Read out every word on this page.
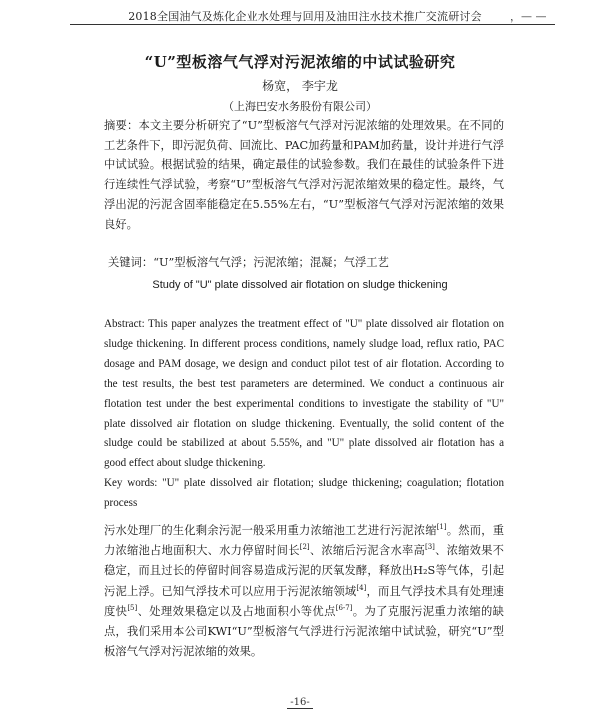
2018全国油气及炼化企业水处理与回用及油田注水技术推广交流研讨会	，— —
“U”型板溶气气浮对污泥浓缩的中试试验研究
杨宽， 李宇龙
（上海巴安水务股份有限公司）

摘要：本文主要分析研究了“U”型板溶气气浮对污泥浓缩的处理效果。在不同的工艺条件下，即污泥负荷、回流比、PAC加药量和PAM加药量，设计并进行气浮中试试验。根据试验的结果，确定最佳的试验参数。我们在最佳的试验条件下进行连续性气浮试验，考察“U”型板溶气气浮对污泥浓缩效果的稳定性。最终，气浮出泥的污泥含固率能稳定在5.55%左右，“U”型板溶气气浮对污泥浓缩的效果良好。

关键词：“U”型板溶气气浮；污泥浓缩；混凝；气浮工艺

Study of "U" plate dissolved air flotation on sludge thickening

Abstract: This paper analyzes the treatment effect of "U" plate dissolved air flotation on sludge thickening. In different process conditions, namely sludge load, reflux ratio, PAC dosage and PAM dosage, we design and conduct pilot test of air flotation. According to the test results, the best test parameters are determined. We conduct a continuous air flotation test under the best experimental conditions to investigate the stability of "U" plate dissolved air flotation on sludge thickening. Eventually, the solid content of the sludge could be stabilized at about 5.55%, and "U" plate dissolved air flotation has a good effect about sludge thickening.

Key words: "U" plate dissolved air flotation; sludge thickening; coagulation; flotation process

污水处理厂的生化剩余污泥一般采用重力浓缩池工艺进行污泥浓缩[1]。然而，重力浓缩池占地面积大、水力停留时间长[2]、浓缩后污泥含水率高[3]、浓缩效果不稳定，而且过长的停留时间容易造成污泥的厌氧发酵，释放出H₂S等气体，引起污泥上浮。已知气浮技术可以应用于污泥浓缩领域[4]，而且气浮技术具有处理速度快[5]、处理效果稳定以及占地面积小等优点[6-7]。为了克服污泥重力浓缩的缺点，我们采用本公司KWI“U”型板溶气气浮进行污泥浓缩中试试验，研究“U”型板溶气气浮对污泥浓缩的效果。

-16-
